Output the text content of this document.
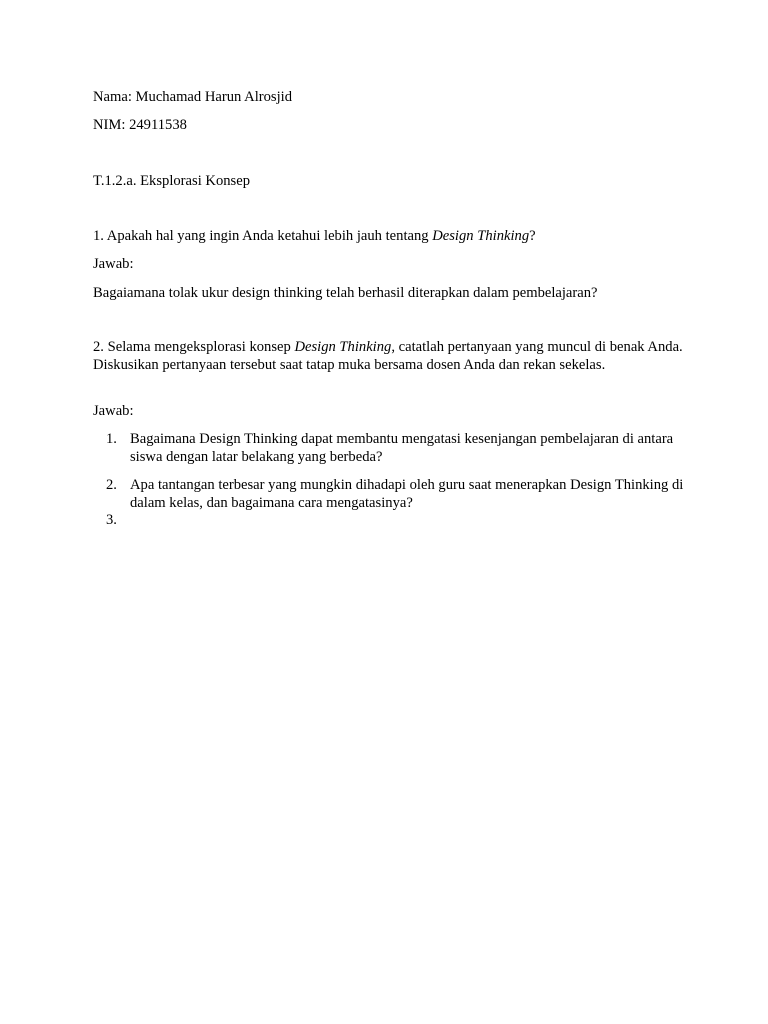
Nama: Muchamad Harun Alrosjid
NIM: 24911538
T.1.2.a. Eksplorasi Konsep
1. Apakah hal yang ingin Anda ketahui lebih jauh tentang Design Thinking?
Jawab:
Bagaiamana tolak ukur design thinking telah berhasil diterapkan dalam pembelajaran?
2. Selama mengeksplorasi konsep Design Thinking, catatlah pertanyaan yang muncul di benak Anda. Diskusikan pertanyaan tersebut saat tatap muka bersama dosen Anda dan rekan sekelas.
Jawab:
1. Bagaimana Design Thinking dapat membantu mengatasi kesenjangan pembelajaran di antara siswa dengan latar belakang yang berbeda?
2. Apa tantangan terbesar yang mungkin dihadapi oleh guru saat menerapkan Design Thinking di dalam kelas, dan bagaimana cara mengatasinya?
3.
